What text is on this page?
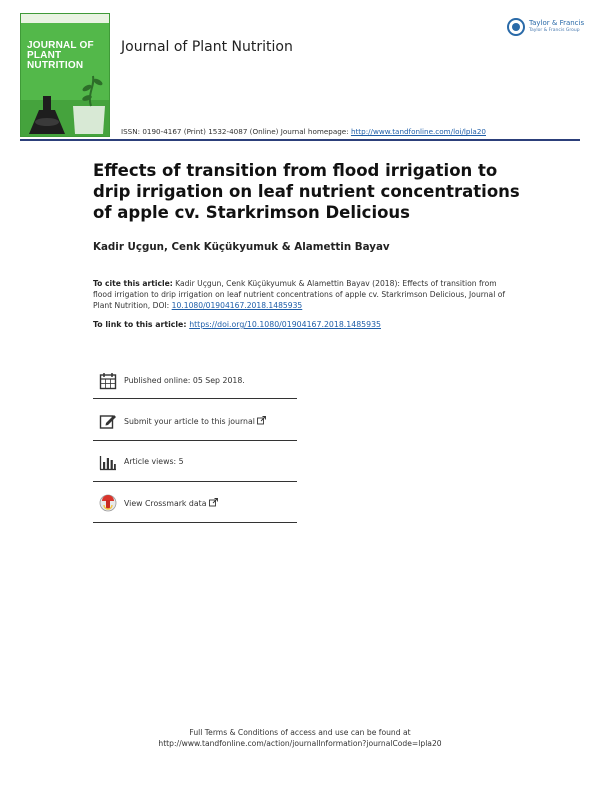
JOURNAL OF
PLANT
NUTRITION
Journal of Plant Nutrition
Taylor & Francis
Taylor & Francis Group
ISSN: 0190-4167 (Print) 1532-4087 (Online) Journal homepage: http://www.tandfonline.com/loi/lpla20
Effects of transition from flood irrigation to drip irrigation on leaf nutrient concentrations of apple cv. Starkrimson Delicious
Kadir Uçgun, Cenk Küçükyumuk & Alamettin Bayav
To cite this article: Kadir Uçgun, Cenk Küçükyumuk & Alamettin Bayav (2018): Effects of transition from flood irrigation to drip irrigation on leaf nutrient concentrations of apple cv. Starkrimson Delicious, Journal of Plant Nutrition, DOI: 10.1080/01904167.2018.1485935
To link to this article: https://doi.org/10.1080/01904167.2018.1485935
Published online: 05 Sep 2018.
Submit your article to this journal
Article views: 5
View Crossmark data
Full Terms & Conditions of access and use can be found at
http://www.tandfonline.com/action/journalInformation?journalCode=lpla20
